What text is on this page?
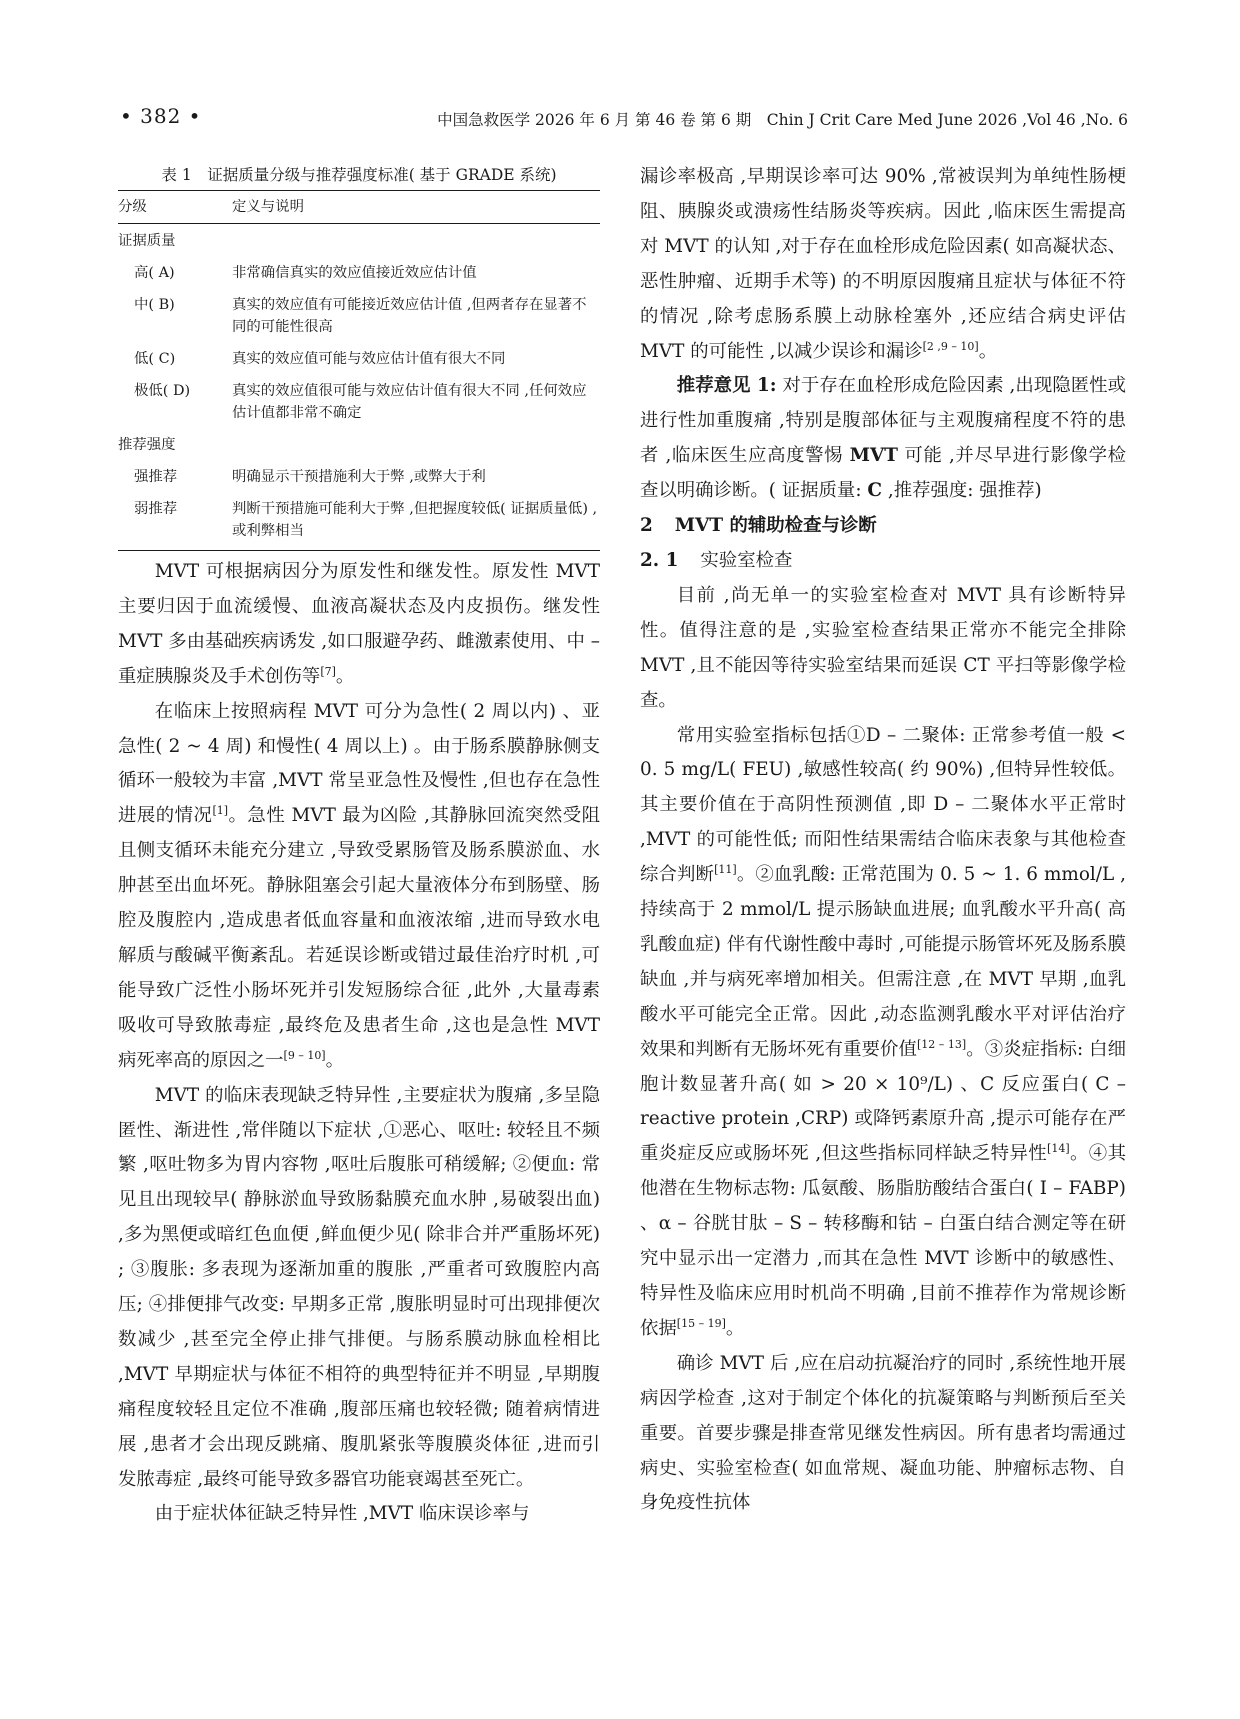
• 382 •	中国急救医学 2026 年 6 月 第 46 卷 第 6 期　Chin J Crit Care Med June 2026 ,Vol 46 ,No. 6
表 1　证据质量分级与推荐强度标准( 基于 GRADE 系统)
分级	定义与说明

证据质量	
高( A)	非常确信真实的效应值接近效应估计值
中( B)	真实的效应值有可能接近效应估计值 ,但两者存在显著不同的可能性很高
低( C)	真实的效应值可能与效应估计值有很大不同
极低( D)	真实的效应值很可能与效应估计值有很大不同 ,任何效应估计值都非常不确定
推荐强度	
强推荐	明确显示干预措施利大于弊 ,或弊大于利
弱推荐	判断干预措施可能利大于弊 ,但把握度较低( 证据质量低) ,或利弊相当

MVT 可根据病因分为原发性和继发性。原发性 MVT 主要归因于血流缓慢、血液高凝状态及内皮损伤。继发性 MVT 多由基础疾病诱发 ,如口服避孕药、雌激素使用、中 – 重症胰腺炎及手术创伤等[7]。

在临床上按照病程 MVT 可分为急性( 2 周以内) 、亚急性( 2 ~ 4 周) 和慢性( 4 周以上) 。由于肠系膜静脉侧支循环一般较为丰富 ,MVT 常呈亚急性及慢性 ,但也存在急性进展的情况[1]。急性 MVT 最为凶险 ,其静脉回流突然受阻且侧支循环未能充分建立 ,导致受累肠管及肠系膜淤血、水肿甚至出血坏死。静脉阻塞会引起大量液体分布到肠壁、肠腔及腹腔内 ,造成患者低血容量和血液浓缩 ,进而导致水电解质与酸碱平衡紊乱。若延误诊断或错过最佳治疗时机 ,可能导致广泛性小肠坏死并引发短肠综合征 ,此外 ,大量毒素吸收可导致脓毒症 ,最终危及患者生命 ,这也是急性 MVT 病死率高的原因之一[9 – 10]。

MVT 的临床表现缺乏特异性 ,主要症状为腹痛 ,多呈隐匿性、渐进性 ,常伴随以下症状 ,①恶心、呕吐: 较轻且不频繁 ,呕吐物多为胃内容物 ,呕吐后腹胀可稍缓解; ②便血: 常见且出现较早( 静脉淤血导致肠黏膜充血水肿 ,易破裂出血) ,多为黑便或暗红色血便 ,鲜血便少见( 除非合并严重肠坏死) ; ③腹胀: 多表现为逐渐加重的腹胀 ,严重者可致腹腔内高压; ④排便排气改变: 早期多正常 ,腹胀明显时可出现排便次数减少 ,甚至完全停止排气排便。与肠系膜动脉血栓相比 ,MVT 早期症状与体征不相符的典型特征并不明显 ,早期腹痛程度较轻且定位不准确 ,腹部压痛也较轻微; 随着病情进展 ,患者才会出现反跳痛、腹肌紧张等腹膜炎体征 ,进而引发脓毒症 ,最终可能导致多器官功能衰竭甚至死亡。

由于症状体征缺乏特异性 ,MVT 临床误诊率与

漏诊率极高 ,早期误诊率可达 90% ,常被误判为单纯性肠梗阻、胰腺炎或溃疡性结肠炎等疾病。因此 ,临床医生需提高对 MVT 的认知 ,对于存在血栓形成危险因素( 如高凝状态、恶性肿瘤、近期手术等) 的不明原因腹痛且症状与体征不符的情况 ,除考虑肠系膜上动脉栓塞外 ,还应结合病史评估 MVT 的可能性 ,以减少误诊和漏诊[2 ,9 – 10]。

推荐意见 1: 对于存在血栓形成危险因素 ,出现隐匿性或进行性加重腹痛 ,特别是腹部体征与主观腹痛程度不符的患者 ,临床医生应高度警惕 MVT 可能 ,并尽早进行影像学检查以明确诊断。( 证据质量: C ,推荐强度: 强推荐)

2 MVT 的辅助检查与诊断

2. 1 实验室检查

目前 ,尚无单一的实验室检查对 MVT 具有诊断特异性。值得注意的是 ,实验室检查结果正常亦不能完全排除 MVT ,且不能因等待实验室结果而延误 CT 平扫等影像学检查。

常用实验室指标包括①D – 二聚体: 正常参考值一般 < 0. 5 mg/L( FEU) ,敏感性较高( 约 90%) ,但特异性较低。其主要价值在于高阴性预测值 ,即 D – 二聚体水平正常时 ,MVT 的可能性低; 而阳性结果需结合临床表象与其他检查综合判断[11]。②血乳酸: 正常范围为 0. 5 ~ 1. 6 mmol/L ,持续高于 2 mmol/L 提示肠缺血进展; 血乳酸水平升高( 高乳酸血症) 伴有代谢性酸中毒时 ,可能提示肠管坏死及肠系膜缺血 ,并与病死率增加相关。但需注意 ,在 MVT 早期 ,血乳酸水平可能完全正常。因此 ,动态监测乳酸水平对评估治疗效果和判断有无肠坏死有重要价值[12 – 13]。③炎症指标: 白细胞计数显著升高( 如 > 20 × 10⁹/L) 、C 反应蛋白( C – reactive protein ,CRP) 或降钙素原升高 ,提示可能存在严重炎症反应或肠坏死 ,但这些指标同样缺乏特异性[14]。④其他潜在生物标志物: 瓜氨酸、肠脂肪酸结合蛋白( I – FABP) 、α – 谷胱甘肽 – S – 转移酶和钴 – 白蛋白结合测定等在研究中显示出一定潜力 ,而其在急性 MVT 诊断中的敏感性、特异性及临床应用时机尚不明确 ,目前不推荐作为常规诊断依据[15 – 19]。

确诊 MVT 后 ,应在启动抗凝治疗的同时 ,系统性地开展病因学检查 ,这对于制定个体化的抗凝策略与判断预后至关重要。首要步骤是排查常见继发性病因。所有患者均需通过病史、实验室检查( 如血常规、凝血功能、肿瘤标志物、自身免疫性抗体
